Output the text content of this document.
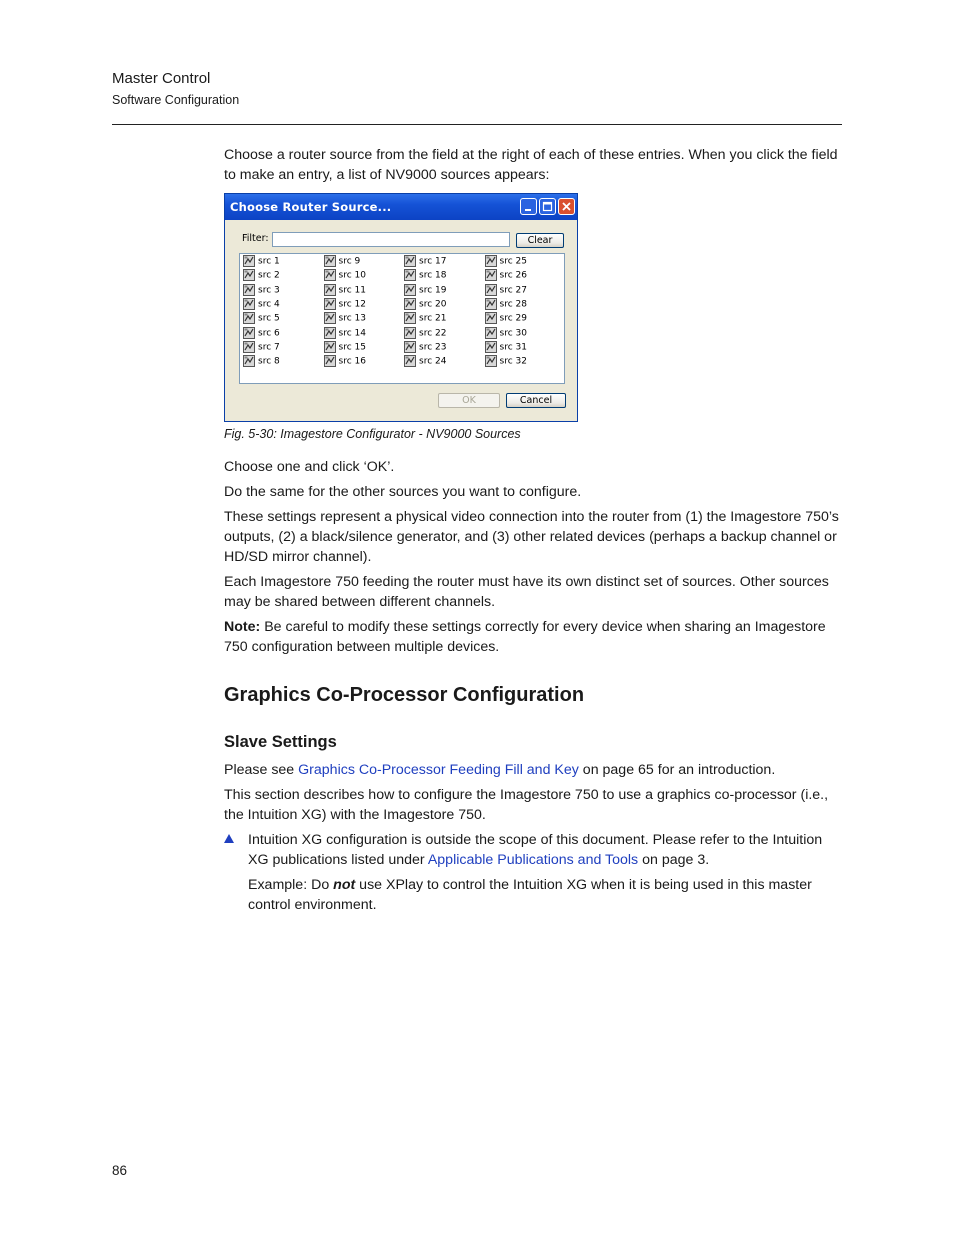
Master Control
Software Configuration

Choose a router source from the field at the right of each of these entries. When you click the field to make an entry, a list of NV9000 sources appears:

Choose Router Source...
Filter:	Clear
src 1
src 2
src 3
src 4
src 5
src 6
src 7
src 8
src 9
src 10
src 11
src 12
src 13
src 14
src 15
src 16
src 17
src 18
src 19
src 20
src 21
src 22
src 23
src 24
src 25
src 26
src 27
src 28
src 29
src 30
src 31
src 32
OK	Cancel
Fig. 5-30: Imagestore Configurator - NV9000 Sources

Choose one and click ‘OK’.

Do the same for the other sources you want to configure.

These settings represent a physical video connection into the router from (1) the Imagestore 750’s outputs, (2) a black/silence generator, and (3) other related devices (perhaps a backup channel or HD/SD mirror channel).

Each Imagestore 750 feeding the router must have its own distinct set of sources. Other sources may be shared between different channels.

Note: Be careful to modify these settings correctly for every device when sharing an Imagestore 750 configuration between multiple devices.

Graphics Co-Processor Configuration
Slave Settings

Please see Graphics Co-Processor Feeding Fill and Key on page 65 for an introduction.

This section describes how to configure the Imagestore 750 to use a graphics co-processor (i.e., the Intuition XG) with the Imagestore 750.

Intuition XG configuration is outside the scope of this document. Please refer to the Intuition XG publications listed under Applicable Publications and Tools on page 3.

Example: Do not use XPlay to control the Intuition XG when it is being used in this master control environment.

86
